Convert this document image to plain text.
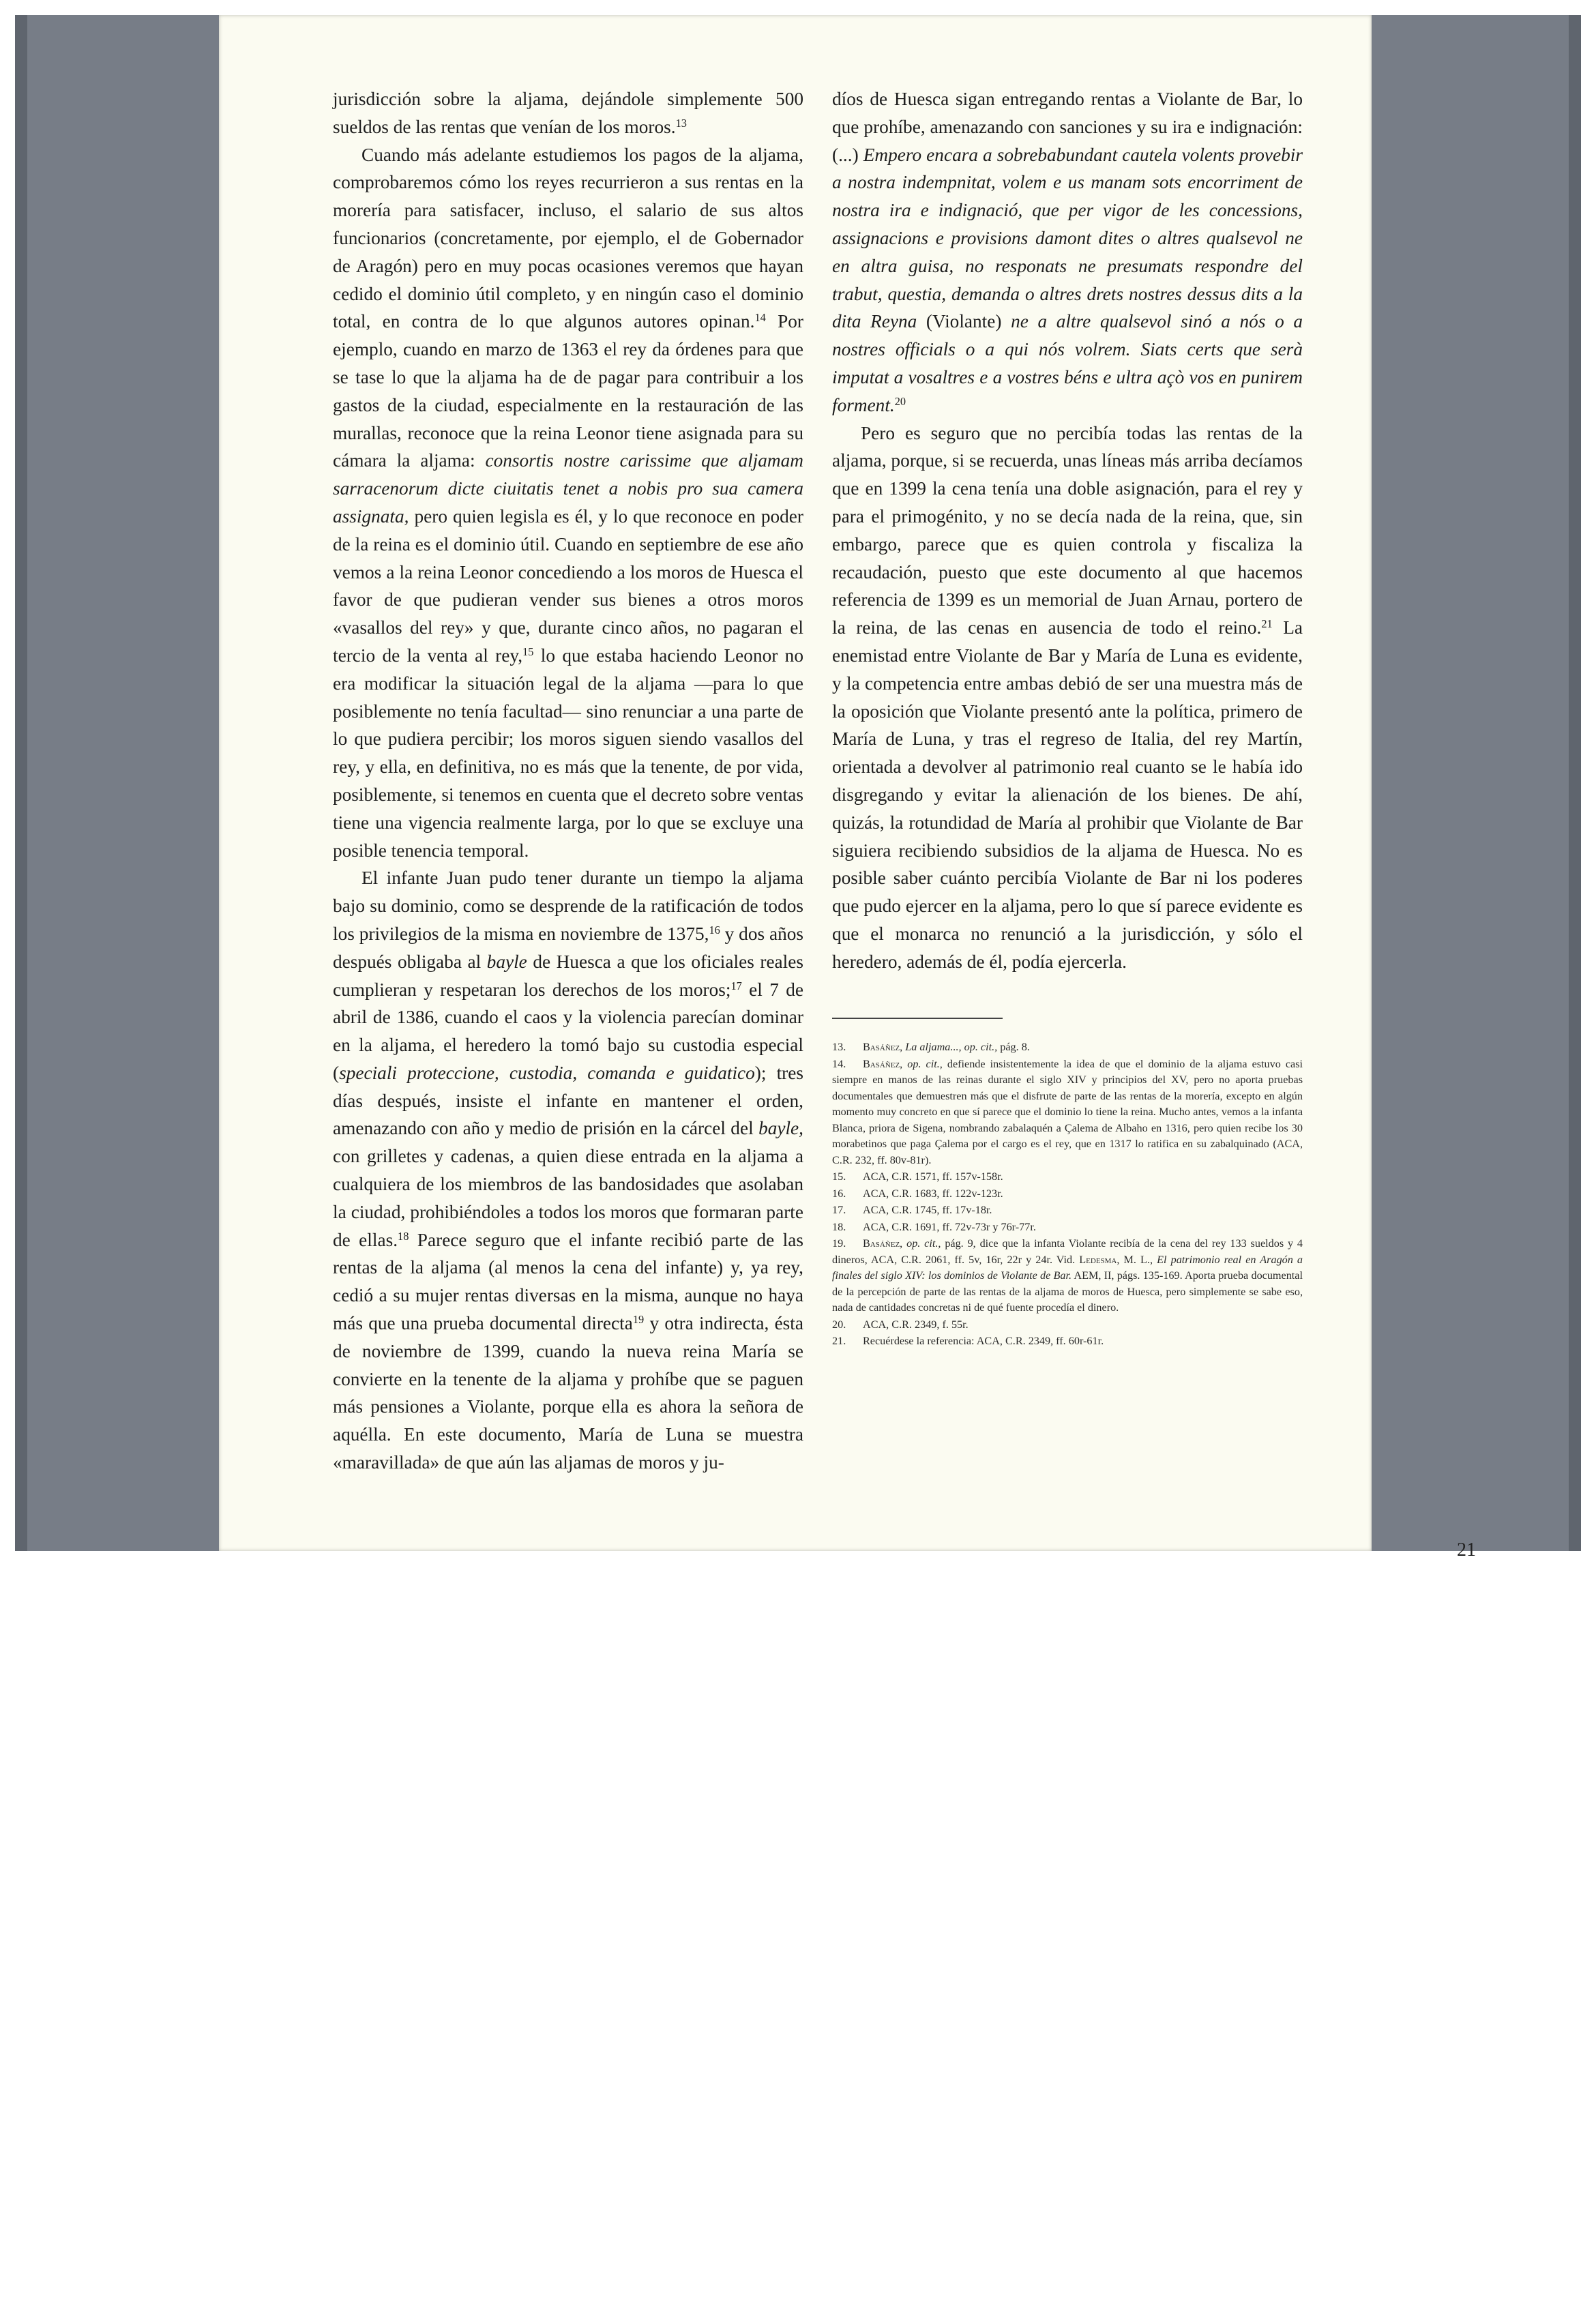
jurisdicción sobre la aljama, dejándole simplemente 500 sueldos de las rentas que venían de los moros.$^{13}$

Cuando más adelante estudiemos los pagos de la aljama, comprobaremos cómo los reyes recurrieron a sus rentas en la morería para satisfacer, incluso, el salario de sus altos funcionarios (concretamente, por ejemplo, el de Gobernador de Aragón) pero en muy pocas ocasiones veremos que hayan cedido el dominio útil completo, y en ningún caso el dominio total, en contra de lo que algunos autores opinan.$^{14}$ Por ejemplo, cuando en marzo de 1363 el rey da órdenes para que se tase lo que la aljama ha de de pagar para contribuir a los gastos de la ciudad, especialmente en la restauración de las murallas, reconoce que la reina Leonor tiene asignada para su cámara la aljama: consortis nostre carissime que aljamam sarracenorum dicte ciuitatis tenet a nobis pro sua camera assignata, pero quien legisla es él, y lo que reconoce en poder de la reina es el dominio útil. Cuando en septiembre de ese año vemos a la reina Leonor concediendo a los moros de Huesca el favor de que pudieran vender sus bienes a otros moros «vasallos del rey» y que, durante cinco años, no pagaran el tercio de la venta al rey,$^{15}$ lo que estaba haciendo Leonor no era modificar la situación legal de la aljama —para lo que posiblemente no tenía facultad— sino renunciar a una parte de lo que pudiera percibir; los moros siguen siendo vasallos del rey, y ella, en definitiva, no es más que la tenente, de por vida, posiblemente, si tenemos en cuenta que el decreto sobre ventas tiene una vigencia realmente larga, por lo que se excluye una posible tenencia temporal.

El infante Juan pudo tener durante un tiempo la aljama bajo su dominio, como se desprende de la ratificación de todos los privilegios de la misma en noviembre de 1375,16 y dos años después obligaba al bayle de Huesca a que los oficiales reales cumplieran y respetaran los derechos de los moros;$^{17}$ el 7 de abril de 1386, cuando el caos y la violencia parecían dominar en la aljama, el heredero la tomó bajo su custodia especial (speciali proteccione, custodia, comanda e guidatico); tres días después, insiste el infante en mantener el orden, amenazando con año y medio de prisión en la cárcel del bayle, con grilletes y cadenas, a quien diese entrada en la aljama a cualquiera de los miembros de las bandosidades que asolaban la ciudad, prohibiéndoles a todos los moros que formaran parte de ellas.$^{18}$ Parece seguro que el infante recibió parte de las rentas de la aljama (al menos la cena del infante) y, ya rey, cedió a su mujer rentas diversas en la misma, aunque no haya más que una prueba documental directa$^{19}$ y otra indirecta, ésta de noviembre de 1399, cuando la nueva reina María se convierte en la tenente de la aljama y prohíbe que se paguen más pensiones a Violante, porque ella es ahora la señora de aquélla. En este documento, María de Luna se muestra «maravillada» de que aún las aljamas de moros y ju-

díos de Huesca sigan entregando rentas a Violante de Bar, lo que prohíbe, amenazando con sanciones y su ira e indignación: (...) Empero encara a sobrebabundant cautela volents provebir a nostra indempnitat, volem e us manam sots encorriment de nostra ira e indignació, que per vigor de les concessions, assignacions e provisions damont dites o altres qualsevol ne en altra guisa, no responats ne presumats respondre del trabut, questia, demanda o altres drets nostres dessus dits a la dita Reyna (Violante) ne a altre qualsevol sinó a nós o a nostres officials o a qui nós volrem. Siats certs que serà imputat a vosaltres e a vostres béns e ultra açò vos en punirem forment.$^{20}$

Pero es seguro que no percibía todas las rentas de la aljama, porque, si se recuerda, unas líneas más arriba decíamos que en 1399 la cena tenía una doble asignación, para el rey y para el primogénito, y no se decía nada de la reina, que, sin embargo, parece que es quien controla y fiscaliza la recaudación, puesto que este documento al que hacemos referencia de 1399 es un memorial de Juan Arnau, portero de la reina, de las cenas en ausencia de todo el reino.$^{21}$ La enemistad entre Violante de Bar y María de Luna es evidente, y la competencia entre ambas debió de ser una muestra más de la oposición que Violante presentó ante la política, primero de María de Luna, y tras el regreso de Italia, del rey Martín, orientada a devolver al patrimonio real cuanto se le había ido disgregando y evitar la alienación de los bienes. De ahí, quizás, la rotundidad de María al prohibir que Violante de Bar siguiera recibiendo subsidios de la aljama de Huesca. No es posible saber cuánto percibía Violante de Bar ni los poderes que pudo ejercer en la aljama, pero lo que sí parece evidente es que el monarca no renunció a la jurisdicción, y sólo el heredero, además de él, podía ejercerla.

13. Basáñez, La aljama..., op. cit., pág. 8.

14. Basáñez, op. cit., defiende insistentemente la idea de que el dominio de la aljama estuvo casi siempre en manos de las reinas durante el siglo XIV y principios del XV, pero no aporta pruebas documentales que demuestren más que el disfrute de parte de las rentas de la morería, excepto en algún momento muy concreto en que sí parece que el dominio lo tiene la reina. Mucho antes, vemos a la infanta Blanca, priora de Sigena, nombrando zabalaquén a Çalema de Albaho en 1316, pero quien recibe los 30 morabetinos que paga Çalema por el cargo es el rey, que en 1317 lo ratifica en su zabalquinado (ACA, C.R. 232, ff. 80v-81r).

15. ACA, C.R. 1571, ff. 157v-158r.

16. ACA, C.R. 1683, ff. 122v-123r.

17. ACA, C.R. 1745, ff. 17v-18r.

18. ACA, C.R. 1691, ff. 72v-73r y 76r-77r.

19. Basáñez, op. cit., pág. 9, dice que la infanta Violante recibía de la cena del rey 133 sueldos y 4 dineros, ACA, C.R. 2061, ff. 5v, 16r, 22r y 24r. Vid. Ledesma, M. L., El patrimonio real en Aragón a finales del siglo XIV: los dominios de Violante de Bar. AEM, II, págs. 135-169. Aporta prueba documental de la percepción de parte de las rentas de la aljama de moros de Huesca, pero simplemente se sabe eso, nada de cantidades concretas ni de qué fuente procedía el dinero.

20. ACA, C.R. 2349, f. 55r.

21. Recuérdese la referencia: ACA, C.R. 2349, ff. 60r-61r.

21
